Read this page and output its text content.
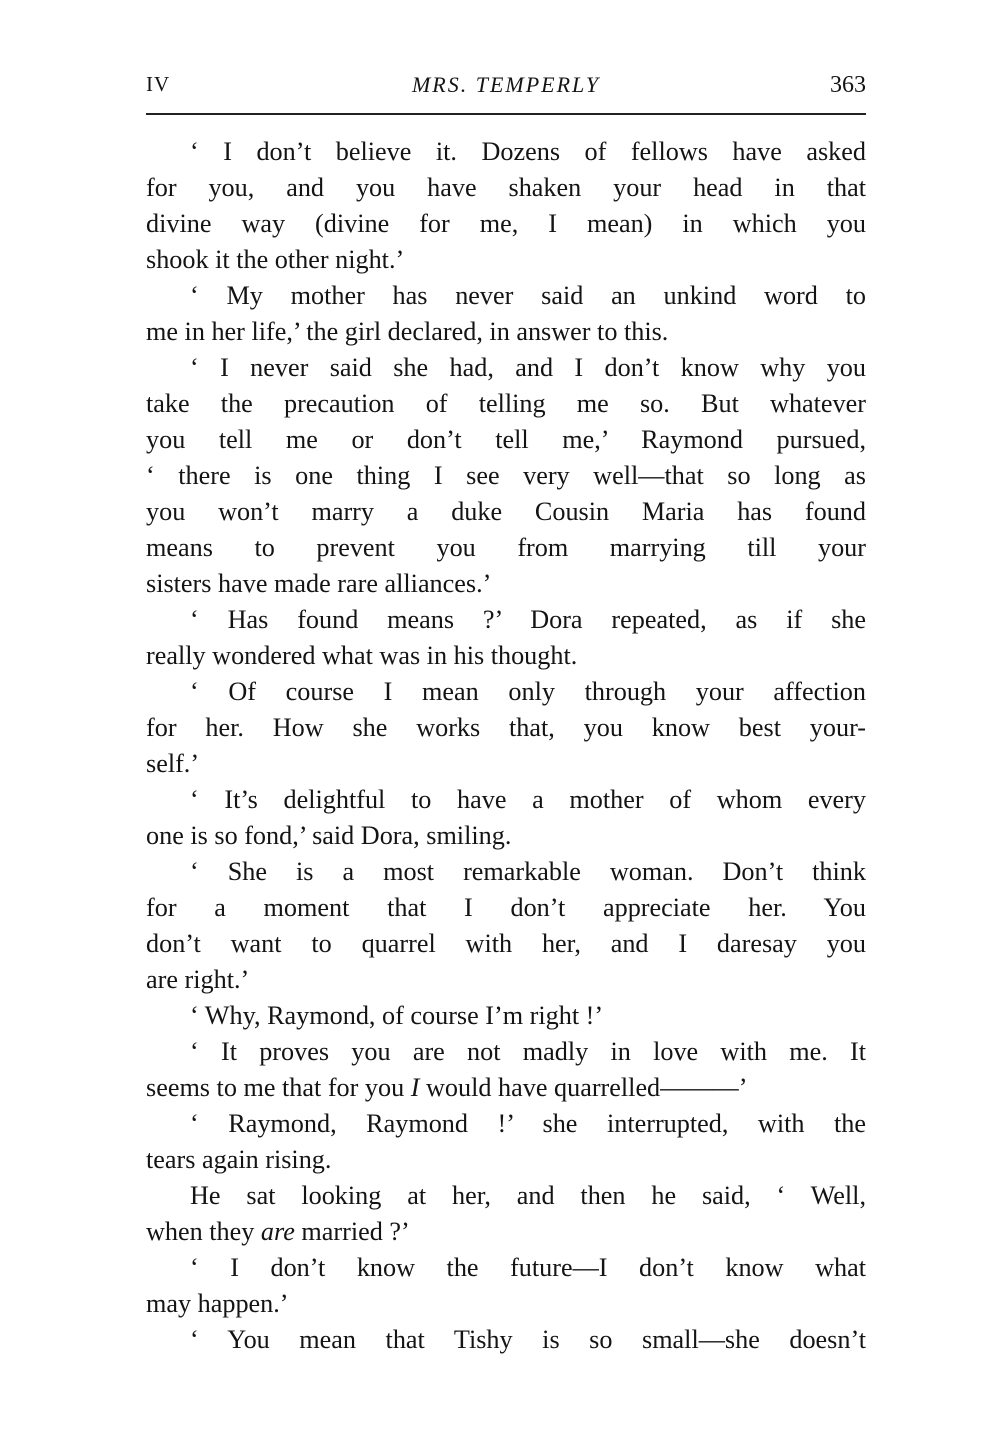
IV	MRS. TEMPERLY	363
‘ I don’t believe it. Dozens of fellows have asked
for you, and you have shaken your head in that
divine way (divine for me, I mean) in which you
shook it the other night.’
‘ My mother has never said an unkind word to
me in her life,’ the girl declared, in answer to this.
‘ I never said she had, and I don’t know why you
take the precaution of telling me so. But whatever
you tell me or don’t tell me,’ Raymond pursued,
‘ there is one thing I see very well—that so long as
you won’t marry a duke Cousin Maria has found
means to prevent you from marrying till your
sisters have made rare alliances.’
‘ Has found means ?’ Dora repeated, as if she
really wondered what was in his thought.
‘ Of course I mean only through your affection
for her. How she works that, you know best your-
self.’
‘ It’s delightful to have a mother of whom every
one is so fond,’ said Dora, smiling.
‘ She is a most remarkable woman. Don’t think
for a moment that I don’t appreciate her. You
don’t want to quarrel with her, and I daresay you
are right.’
‘ Why, Raymond, of course I’m right !’
‘ It proves you are not madly in love with me. It
seems to me that for you I would have quarrelled———’
‘ Raymond, Raymond !’ she interrupted, with the
tears again rising.
He sat looking at her, and then he said, ‘ Well,
when they are married ?’
‘ I don’t know the future—I don’t know what
may happen.’
‘ You mean that Tishy is so small—she doesn’t
